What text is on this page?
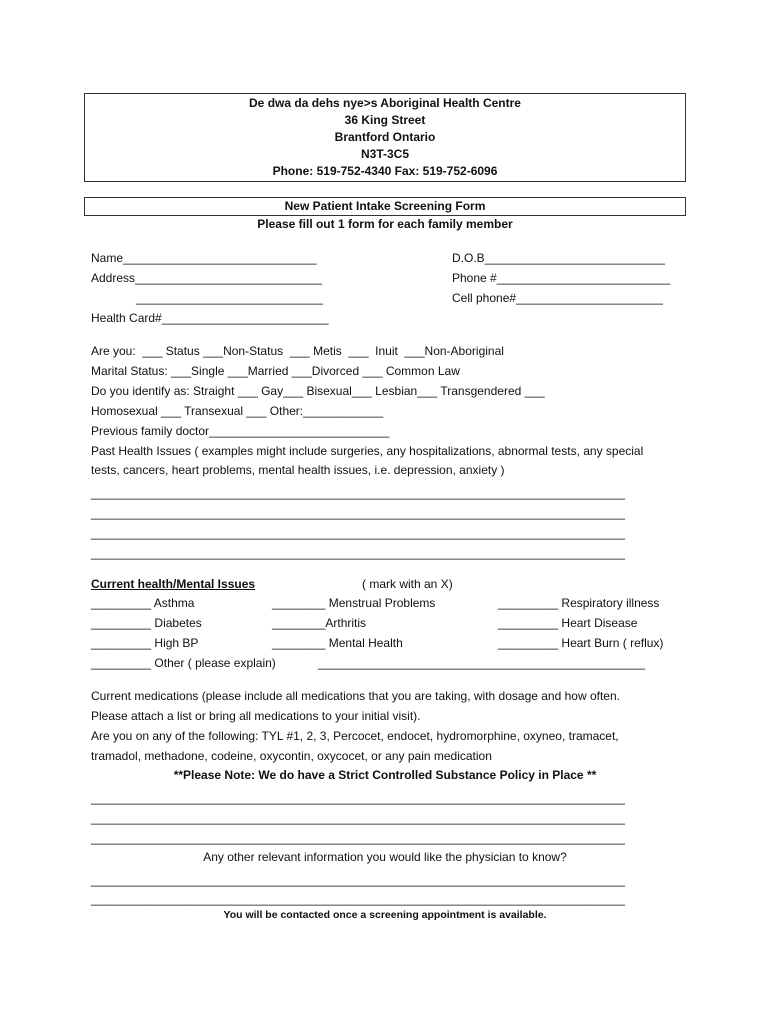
De dwa da dehs nye>s Aboriginal Health Centre
36 King Street
Brantford Ontario
N3T-3C5
Phone: 519-752-4340 Fax: 519-752-6096
New Patient Intake Screening Form
Please fill out 1 form for each family member
Name_____________________________
Address____________________________
____________________________
Health Card#_________________________
D.O.B___________________________
Phone #__________________________
Cell phone#______________________
Are you:  ___ Status ___Non-Status  ___ Metis  ___  Inuit  ___Non-Aboriginal
Marital Status: ___Single ___Married ___Divorced ___ Common Law
Do you identify as: Straight ___ Gay___ Bisexual___ Lesbian___ Transgendered ___
Homosexual ___ Transexual ___ Other:____________
Previous family doctor___________________________
Past Health Issues ( examples might include surgeries, any hospitalizations, abnormal tests, any special
tests, cancers, heart problems, mental health issues, i.e. depression, anxiety )
________________________________________________________________________________
________________________________________________________________________________
________________________________________________________________________________
________________________________________________________________________________
Current health/Mental Issues	( mark with an X)
_________ Asthma
_________ Diabetes
_________ High BP
_________ Other ( please explain)
________ Menstrual Problems
________Arthritis
________ Mental Health
_________ Respiratory illness
_________ Heart Disease
_________ Heart Burn ( reflux)
_________________________________________________
Current medications (please include all medications that you are taking, with dosage and how often.
Please attach a list or bring all medications to your initial visit).
Are you on any of the following: TYL #1, 2, 3, Percocet, endocet, hydromorphine, oxyneo, tramacet,
tramadol, methadone, codeine, oxycontin, oxycocet, or any pain medication
**Please Note: We do have a Strict Controlled Substance Policy in Place **
________________________________________________________________________________
________________________________________________________________________________
________________________________________________________________________________
Any other relevant information you would like the physician to know?
________________________________________________________________________________
________________________________________________________________________________
You will be contacted once a screening appointment is available.
